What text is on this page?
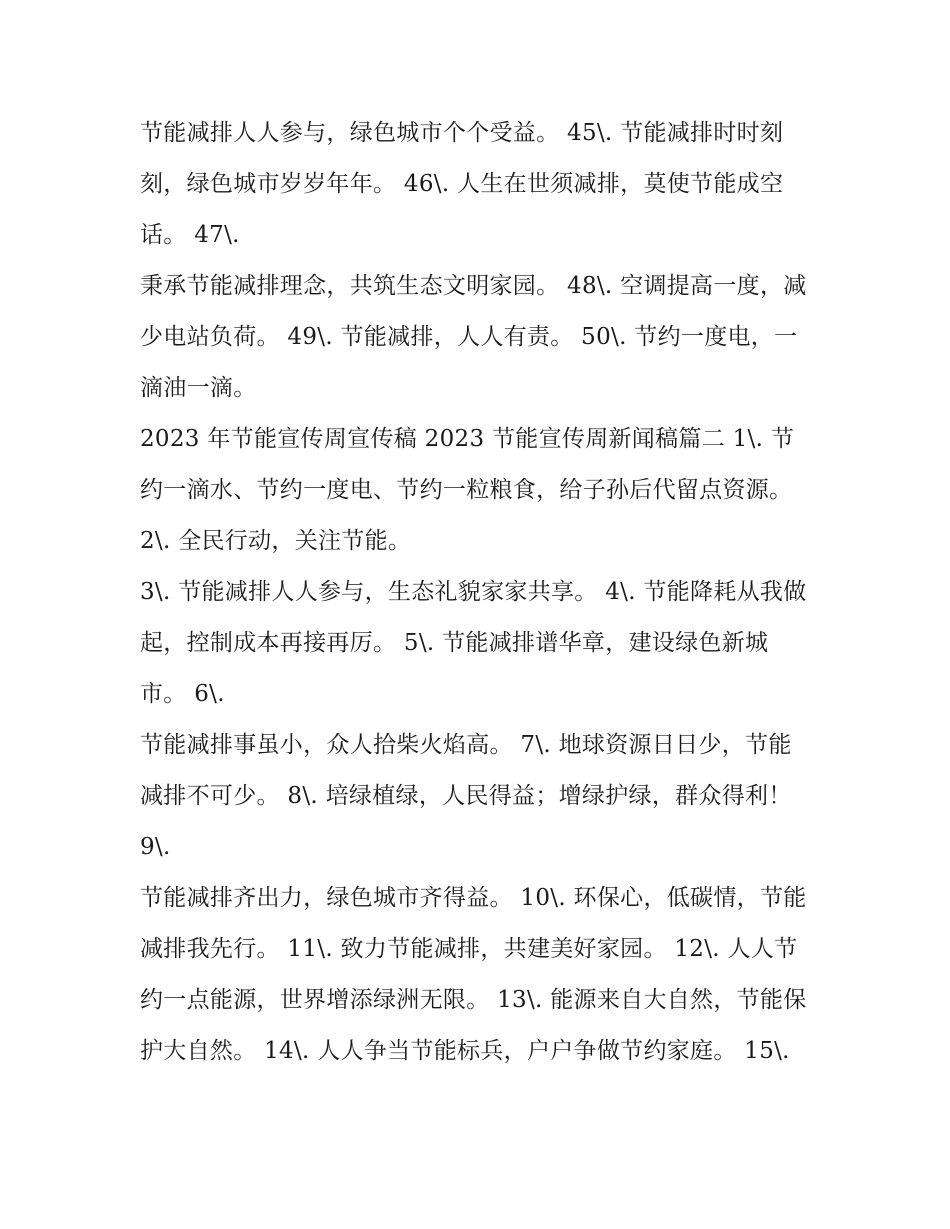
节能减排人人参与，绿色城市个个受益。 45\. 节能减排时时刻刻，绿色城市岁岁年年。 46\. 人生在世须减排，莫使节能成空话。 47\.

秉承节能减排理念，共筑生态文明家园。 48\. 空调提高一度，减少电站负荷。 49\. 节能减排，人人有责。 50\. 节约一度电，一滴油一滴。

2023 年节能宣传周宣传稿 2023 节能宣传周新闻稿篇二 1\. 节约一滴水、节约一度电、节约一粒粮食，给子孙后代留点资源。 2\. 全民行动，关注节能。

3\. 节能减排人人参与，生态礼貌家家共享。 4\. 节能降耗从我做起，控制成本再接再厉。 5\. 节能减排谱华章，建设绿色新城市。 6\.

节能减排事虽小，众人拾柴火焰高。 7\. 地球资源日日少，节能减排不可少。 8\. 培绿植绿，人民得益；增绿护绿，群众得利！ 9\.

节能减排齐出力，绿色城市齐得益。 10\. 环保心，低碳情，节能减排我先行。 11\. 致力节能减排，共建美好家园。 12\. 人人节约一点能源，世界增添绿洲无限。 13\. 能源来自大自然，节能保护大自然。 14\. 人人争当节能标兵，户户争做节约家庭。 15\.
